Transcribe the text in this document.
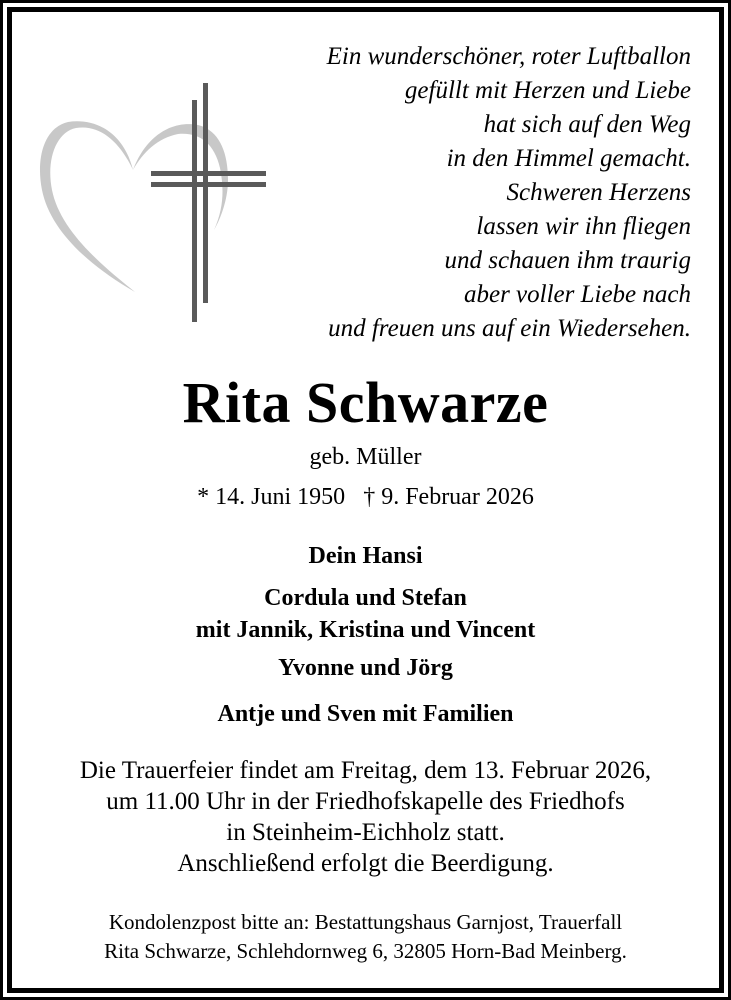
Ein wunderschöner, roter Luftballon
gefüllt mit Herzen und Liebe
hat sich auf den Weg
in den Himmel gemacht.
Schweren Herzens
lassen wir ihn fliegen
und schauen ihm traurig
aber voller Liebe nach
und freuen uns auf ein Wiedersehen.
Rita Schwarze
geb. Müller
* 14. Juni 1950 † 9. Februar 2026
Dein Hansi
Cordula und Stefan
mit Jannik, Kristina und Vincent
Yvonne und Jörg
Antje und Sven mit Familien
Die Trauerfeier findet am Freitag, dem 13. Februar 2026,
um 11.00 Uhr in der Friedhofskapelle des Friedhofs
in Steinheim-Eichholz statt.
Anschließend erfolgt die Beerdigung.
Kondolenzpost bitte an: Bestattungshaus Garnjost, Trauerfall
Rita Schwarze, Schlehdornweg 6, 32805 Horn-Bad Meinberg.
